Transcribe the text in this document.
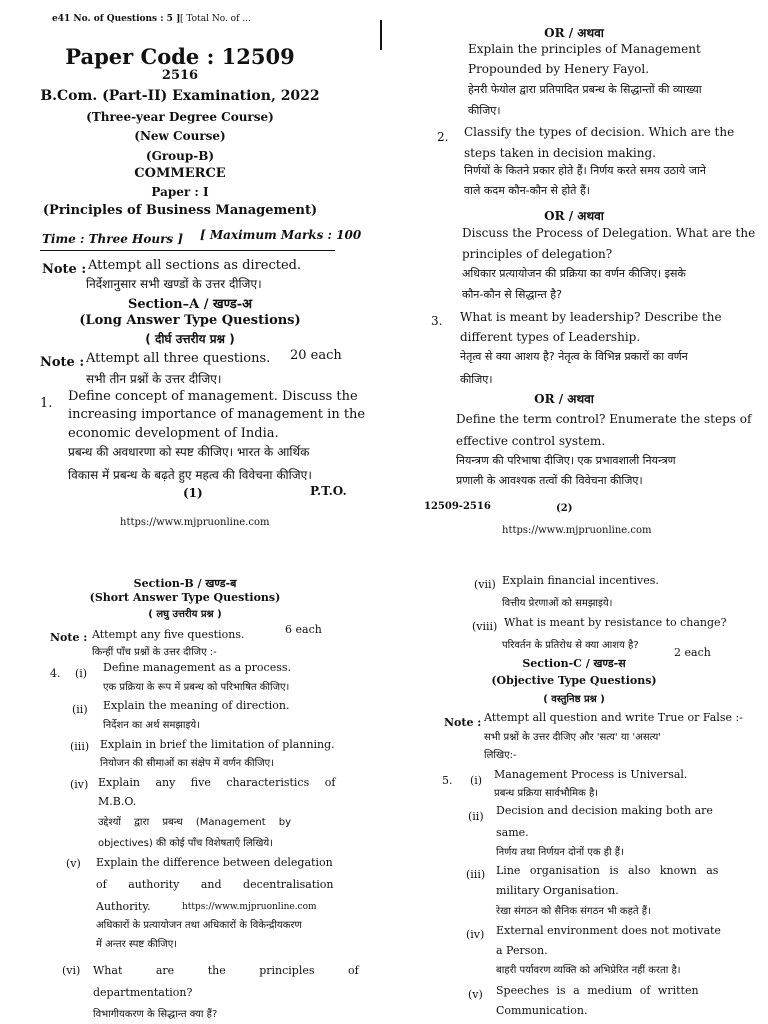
e41 No. of Questions : 5 ] [ Total No. of ...
Paper Code : 12509
2516
B.Com. (Part-II) Examination, 2022
(Three-year Degree Course)
(New Course)
(Group-B)
COMMERCE
Paper : I
(Principles of Business Management)
Time : Three Hours ] [ Maximum Marks : 100
Note : Attempt all sections as directed.
निर्देशानुसार सभी खण्डों के उत्तर दीजिए।
Section–A / खण्ड-अ
(Long Answer Type Questions)
( दीर्घ उत्तरीय प्रश्न )
Note : Attempt all three questions. 20 each
सभी तीन प्रश्नों के उत्तर दीजिए।
1. Define concept of management. Discuss the
increasing importance of management in the
economic development of India.
प्रबन्ध की अवधारणा को स्पष्ट कीजिए। भारत के आर्थिक
विकास में प्रबन्ध के बढ़ते हुए महत्व की विवेचना कीजिए।
(1)	P.T.O.
https://www.mjpruonline.com
OR / अथवा
Explain the principles of Management
Propounded by Henery Fayol.
हेनरी फेयोल द्वारा प्रतिपादित प्रबन्ध के सिद्धान्तों की व्याख्या
कीजिए।
2. Classify the types of decision. Which are the
steps taken in decision making.
निर्णयों के कितने प्रकार होते हैं। निर्णय करते समय उठाये जाने
वाले कदम कौन-कौन से होते हैं।
OR / अथवा
Discuss the Process of Delegation. What are the
principles of delegation?
अधिकार प्रत्यायोजन की प्रक्रिया का वर्णन कीजिए। इसके
कौन-कौन से सिद्धान्त है?
3. What is meant by leadership? Describe the
different types of Leadership.
नेतृत्व से क्या आशय है? नेतृत्व के विभिन्न प्रकारों का वर्णन
कीजिए।
OR / अथवा
Define the term control? Enumerate the steps of
effective control system.
नियन्त्रण की परिभाषा दीजिए। एक प्रभावशाली नियन्त्रण
प्रणाली के आवश्यक तत्वों की विवेचना कीजिए।
12509-2516	(2)
https://www.mjpruonline.com
Section-B / खण्ड-ब
(Short Answer Type Questions)
( लघु उत्तरीय प्रश्न )
Note : Attempt any five questions.	6 each
किन्हीं पाँच प्रश्नों के उत्तर दीजिए :-
4. (i) Define management as a process.
एक प्रक्रिया के रूप में प्रबन्ध को परिभाषित कीजिए।
(ii) Explain the meaning of direction.
निर्देशन का अर्थ समझाइये।
(iii) Explain in brief the limitation of planning.
नियोजन की सीमाओं का संक्षेप में वर्णन कीजिए।
(iv) Explain any five characteristics of
M.B.O.
उद्देश्यों द्वारा प्रबन्ध (Management by
objectives) की कोई पाँच विशेषताएँ लिखिये।
(v) Explain the difference between delegation
of authority and decentralisation
Authority.	https://www.mjpruonline.com
अधिकारों के प्रत्यायोजन तथा अधिकारों के विकेन्द्रीयकरण
में अन्तर स्पष्ट कीजिए।
(vi) What are the principles of
departmentation?
विभागीयकरण के सिद्धान्त क्या हैं?
(vii) Explain financial incentives.
वित्तीय प्रेरणाओं को समझाइये।
(viii) What is meant by resistance to change?
परिवर्तन के प्रतिरोध से क्या आशय है?
Section-C / खण्ड-स
2 each
(Objective Type Questions)
( वस्तुनिष्ठ प्रश्न )
Note : Attempt all question and write True or False :-
सभी प्रश्नों के उत्तर दीजिए और 'सत्य' या 'असत्य'
लिखिए:-
5. (i) Management Process is Universal.
प्रबन्ध प्रक्रिया सार्वभौमिक है।
(ii) Decision and decision making both are
same.
निर्णय तथा निर्णयन दोनों एक ही हैं।
(iii) Line organisation is also known as
military Organisation.
रेखा संगठन को सैनिक संगठन भी कहते हैं।
(iv) External environment does not motivate
a Person.
बाहरी पर्यावरण व्यक्ति को अभिप्रेरित नहीं करता है।
(v) Speeches is a medium of written
Communication.
